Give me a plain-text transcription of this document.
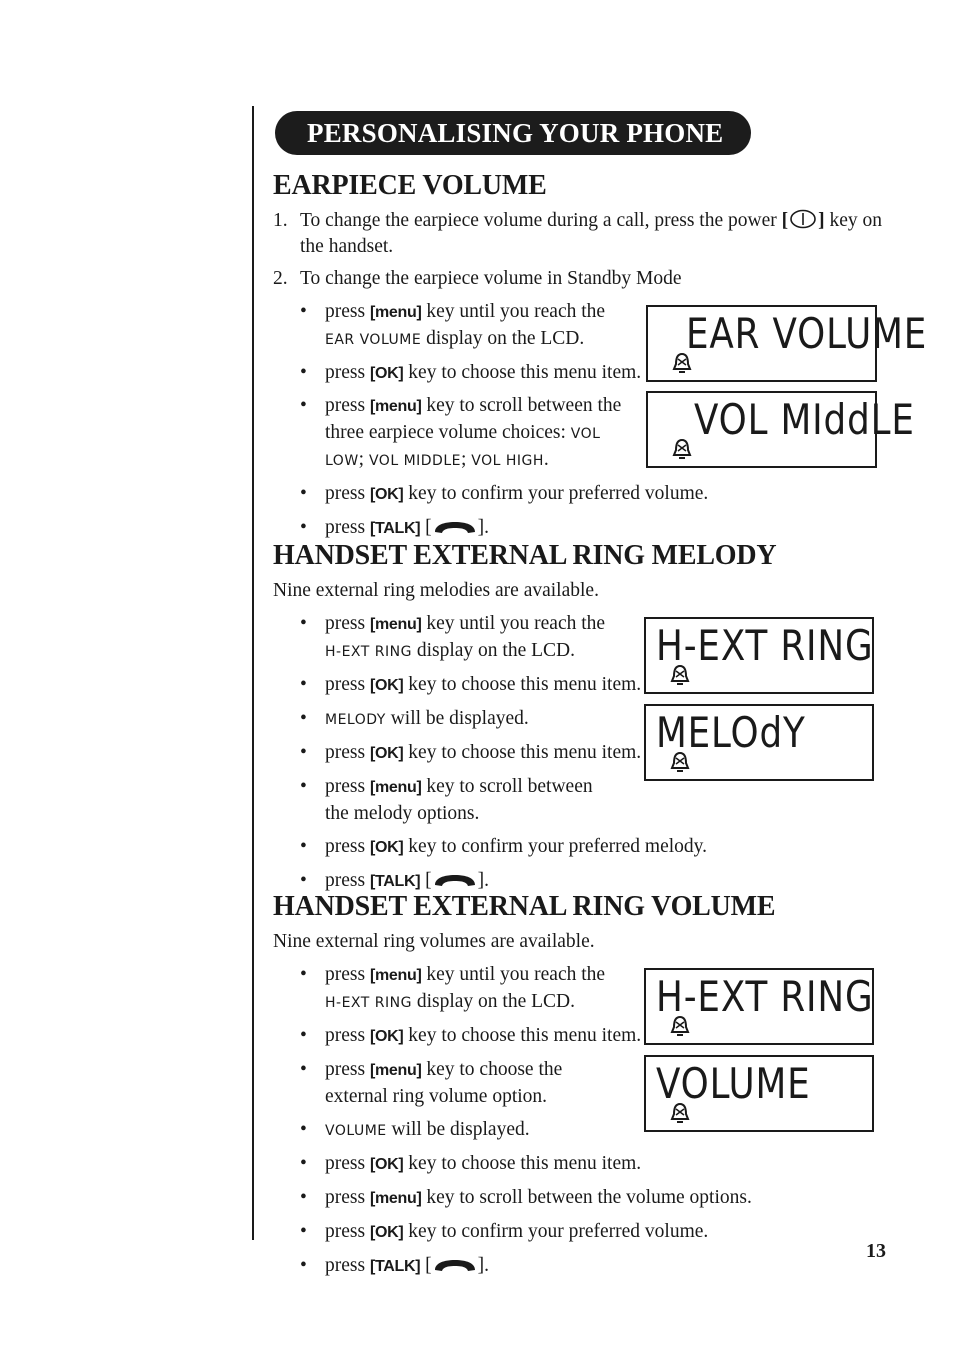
PERSONALISING YOUR PHONE
EAR VOLUME
VOL MIddLE
H-EXT RING
MELOdY
H-EXT RING
VOLUME
EARPIECE VOLUME
1. To change the earpiece volume during a call, press the power [ ] key on the handset.
2. To change the earpiece volume in Standby Mode
• press [menu] key until you reach the EAR VOLUME display on the LCD.
• press [OK] key to choose this menu item.
• press [menu] key to scroll between the three earpiece volume choices: VOL LOW; VOL MIDDLE; VOL HIGH.
• press [OK] key to confirm your preferred volume.
• press [TALK] [ ].
HANDSET EXTERNAL RING MELODY
Nine external ring melodies are available.
• press [menu] key until you reach the H-EXT RING display on the LCD.
• press [OK] key to choose this menu item.
•	MELODY will be displayed.
• press [OK] key to choose this menu item.
• press [menu] key to scroll between the melody options.
• press [OK] key to confirm your preferred melody.
• press [TALK] [ ].
HANDSET EXTERNAL RING VOLUME
Nine external ring volumes are available.
• press [menu] key until you reach the H-EXT RING display on the LCD.
• press [OK] key to choose this menu item.
• press [menu] key to choose the external ring volume option.
•	VOLUME will be displayed.
• press [OK] key to choose this menu item.
• press [menu] key to scroll between the volume options.
• press [OK] key to confirm your preferred volume.
• press [TALK] [ ].
13
